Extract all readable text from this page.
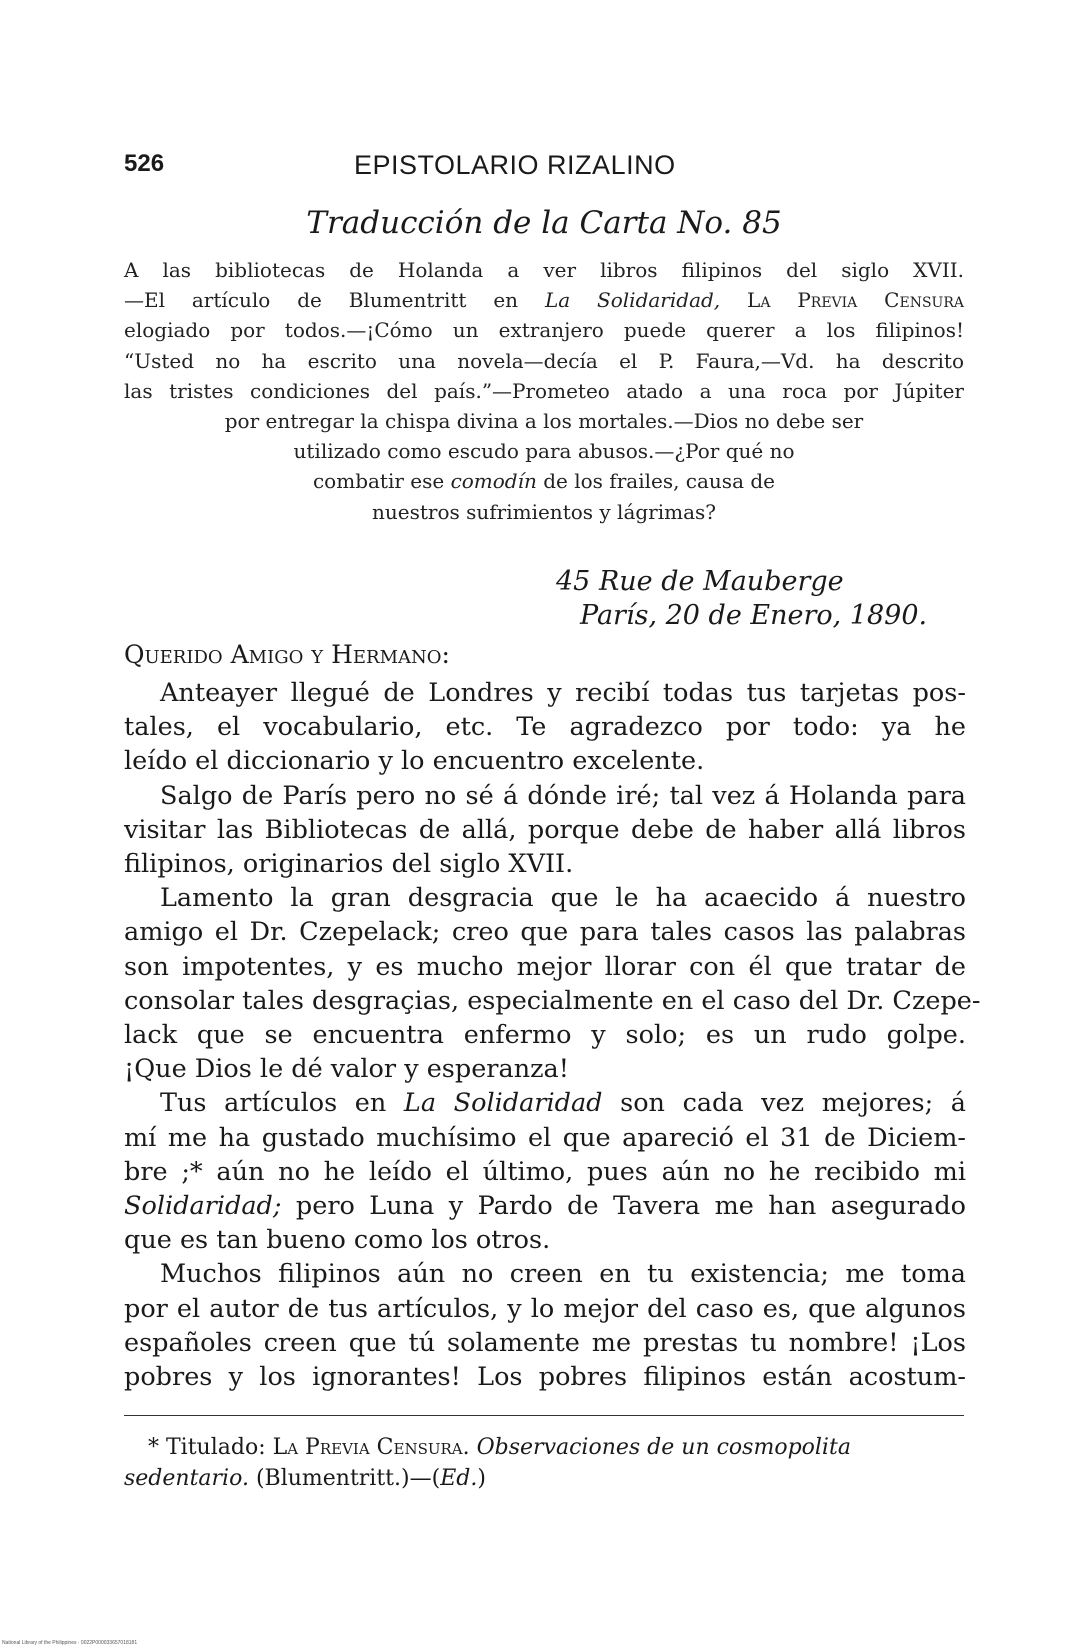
526	EPISTOLARIO RIZALINO
Traducción de la Carta No. 85
A las bibliotecas de Holanda a ver libros filipinos del siglo XVII.
—El artículo de Blumentritt en La Solidaridad, La Previa Censura
elogiado por todos.—¡Cómo un extranjero puede querer a los filipinos!
“Usted no ha escrito una novela—decía el P. Faura,—Vd. ha descrito
las tristes condiciones del país.”—Prometeo atado a una roca por Júpiter
por entregar la chispa divina a los mortales.—Dios no debe ser
utilizado como escudo para abusos.—¿Por qué no
combatir ese comodín de los frailes, causa de
nuestros sufrimientos y lágrimas?
45 Rue de Mauberge
París, 20 de Enero, 1890.
Querido Amigo y Hermano:
Anteayer llegué de Londres y recibí todas tus tarjetas pos-
tales, el vocabulario, etc. Te agradezco por todo: ya he
leído el diccionario y lo encuentro excelente.
Salgo de París pero no sé á dónde iré; tal vez á Holanda para
visitar las Bibliotecas de allá, porque debe de haber allá libros
filipinos, originarios del siglo XVII.
Lamento la gran desgracia que le ha acaecido á nuestro
amigo el Dr. Czepelack; creo que para tales casos las palabras
son impotentes, y es mucho mejor llorar con él que tratar de
consolar tales desgraçias, especialmente en el caso del Dr. Czepe-
lack que se encuentra enfermo y solo; es un rudo golpe.
¡Que Dios le dé valor y esperanza!
Tus artículos en La Solidaridad son cada vez mejores; á
mí me ha gustado muchísimo el que apareció el 31 de Diciem-
bre ;* aún no he leído el último, pues aún no he recibido mi
Solidaridad; pero Luna y Pardo de Tavera me han asegurado
que es tan bueno como los otros.
Muchos filipinos aún no creen en tu existencia; me toma
por el autor de tus artículos, y lo mejor del caso es, que algunos
españoles creen que tú solamente me prestas tu nombre! ¡Los
pobres y los ignorantes! Los pobres filipinos están acostum-
* Titulado: La Previa Censura. Observaciones de un cosmopolita
sedentario. (Blumentritt.)—(Ed.)
National Library of the Philippines · 0022P000033657018181
